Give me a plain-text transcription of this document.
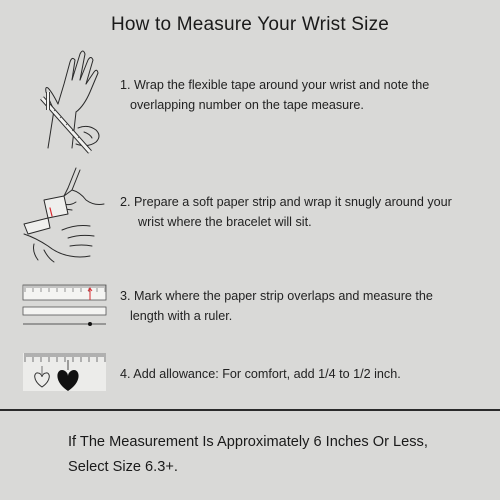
How to Measure Your Wrist Size
1. Wrap the flexible tape around your wrist and note the
overlapping number on the tape measure.
2. Prepare a soft paper strip and wrap it snugly around your
wrist where the bracelet will sit.
3. Mark where the paper strip overlaps and measure the
length with a ruler.
4. Add allowance: For comfort, add 1/4 to 1/2 inch.
If The Measurement Is Approximately 6 Inches Or Less,
Select Size 6.3+.
